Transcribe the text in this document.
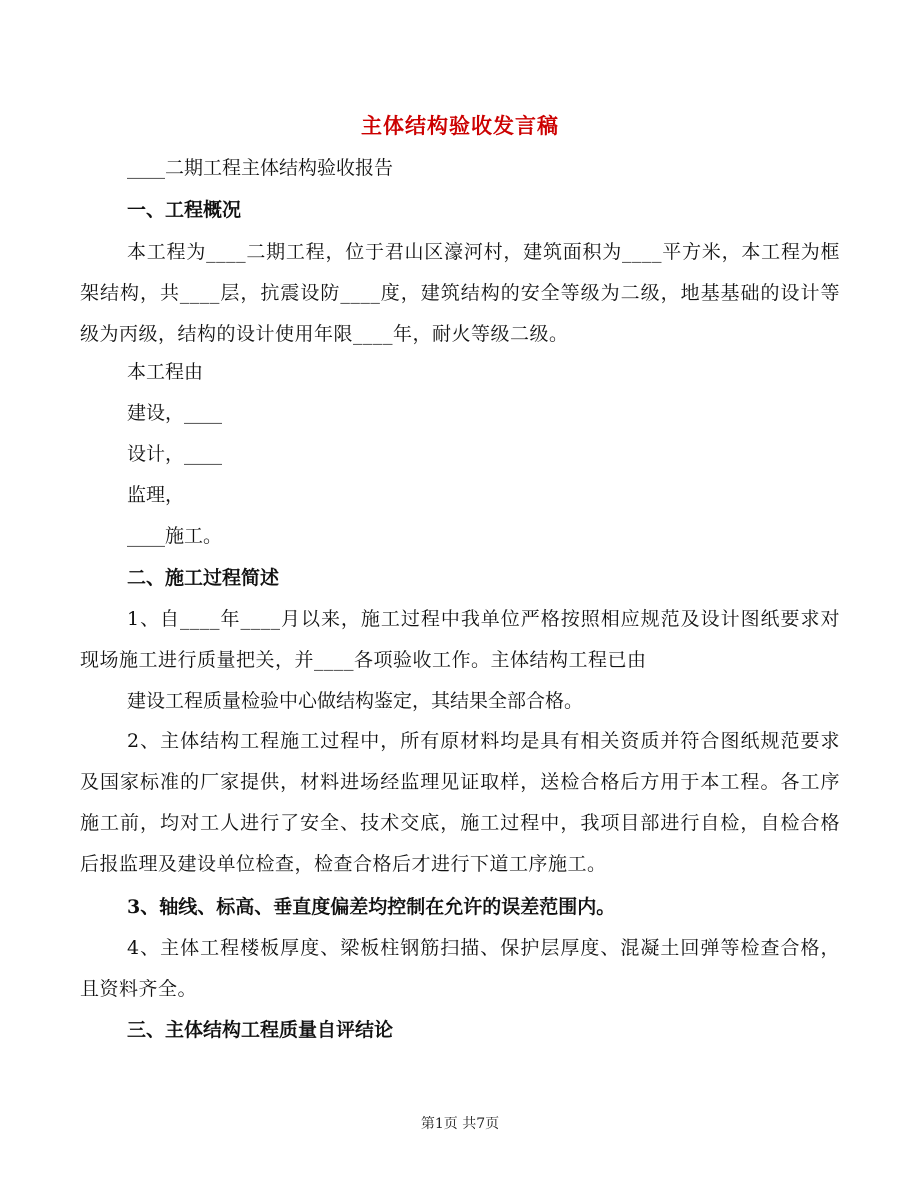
主体结构验收发言稿
____二期工程主体结构验收报告
一、工程概况
本工程为____二期工程，位于君山区濠河村，建筑面积为____平方米，本工程为框架结构，共____层，抗震设防____度，建筑结构的安全等级为二级，地基基础的设计等级为丙级，结构的设计使用年限____年，耐火等级二级。
本工程由
建设，____
设计，____
监理，
____施工。
二、施工过程简述
1、自____年____月以来，施工过程中我单位严格按照相应规范及设计图纸要求对现场施工进行质量把关，并____各项验收工作。主体结构工程已由
建设工程质量检验中心做结构鉴定，其结果全部合格。
2、主体结构工程施工过程中，所有原材料均是具有相关资质并符合图纸规范要求及国家标准的厂家提供，材料进场经监理见证取样，送检合格后方用于本工程。各工序施工前，均对工人进行了安全、技术交底，施工过程中，我项目部进行自检，自检合格后报监理及建设单位检查，检查合格后才进行下道工序施工。
3、轴线、标高、垂直度偏差均控制在允许的误差范围内。
4、主体工程楼板厚度、梁板柱钢筋扫描、保护层厚度、混凝土回弹等检查合格，且资料齐全。
三、主体结构工程质量自评结论
第1页 共7页
